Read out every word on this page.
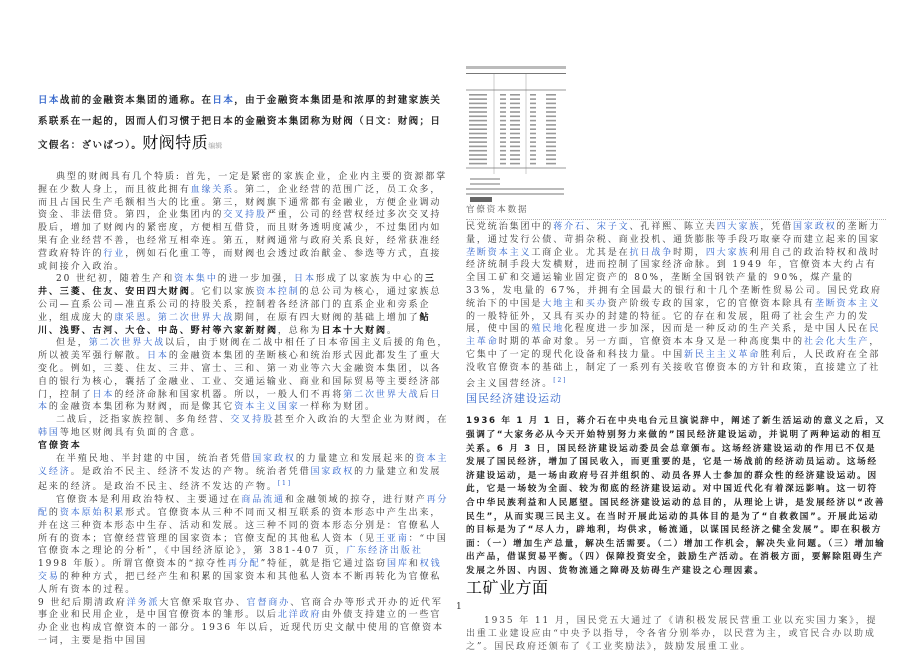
日本战前的金融资本集团的通称。在日本，由于金融资本集团是和浓厚的封建家族关系联系在一起的，因而人们习惯于把日本的金融资本集团称为财阀（日文：财阀；日文假名：ざいばつ）。财阀特质编辑

典型的财阀具有几个特质: 首先，一定是紧密的家族企业，企业内主要的资源都掌握在少数人身上，而且彼此拥有血缘关系。第二，企业经营的范围广泛，员工众多，而且占国民生产毛额相当大的比重。第三，财阀旗下通常都有金融业，方便企业调动资金、非法借贷。第四，企业集团内的交叉持股严重，公司的经营权经过多次交叉持股后，增加了财阀内的紧密度，方便相互借贷，而且财务透明度减少，不过集团内如果有企业经营不善，也经常互相牵连。第五，财阀通常与政府关系良好，经常获准经营政府特许的行业，例如石化重工等，而财阀也会透过政治献金、参选等方式，直接或间接介入政治。

20 世纪初，随着生产和资本集中的进一步加强，日本形成了以家族为中心的三井、三菱、住友、安田四大财阀。它们以家族资本控制的总公司为核心，通过家族总公司—直系公司—准直系公司的持股关系，控制着各经济部门的直系企业和旁系企业，组成庞大的康采恩。第二次世界大战期间，在原有四大财阀的基础上增加了鲇川、浅野、古河、大仓、中岛、野村等六家新财阀，总称为日本十大财阀。

但是，第二次世界大战以后，由于财阀在二战中相任了日本帝国主义后援的角色，所以被美军强行解散。日本的金融资本集团的垄断核心和统治形式因此都发生了重大变化。例如，三菱、住友、三井、富士、三和、第一劝业等六大金融资本集团，以各自的银行为核心，囊括了金融业、工业、交通运输业、商业和国际贸易等主要经济部门，控制了日本的经济命脉和国家机器。所以，一般人们不再将第二次世界大战后日本的金融资本集团称为财阀，而是像其它资本主义国家一样称为财团。

二战后，泛指家族控制、多角经营、交叉持股甚至介入政治的大型企业为财阀，在韩国等地区财阀具有负面的含意。

官僚资本

在半殖民地、半封建的中国，统治者凭借国家政权的力量建立和发展起来的资本主义经济。是政治不民主、经济不发达的产物。统治者凭借国家政权的力量建立和发展起来的经济。是政治不民主、经济不发达的产物。[1]

官僚资本是利用政治特权、主要通过在商品流通和金融领域的掠夺，进行财产再分配的资本原始积累形式。官僚资本从三种不同而又相互联系的资本形态中产生出来，并在这三种资本形态中生存、活动和发展。这三种不同的资本形态分别是：官僚私人所有的资本；官僚经营管理的国家资本；官僚支配的其他私人资本（见王亚南：“中国官僚资本之理论的分析”，《中国经济原论》，第 381-407 页，广东经济出版社 1998 年版）。所谓官僚资本的“掠夺性再分配”特征，就是指它通过盗窃国库和权钱交易的种种方式，把已经产生和积累的国家资本和其他私人资本不断再转化为官僚私人所有资本的过程。

9 世纪后期清政府洋务派大官僚采取官办、官督商办、官商合办等形式开办的近代军事企业和民用企业，是中国官僚资本的雏形。以后北洋政府由外债支持建立的一些官办企业也构成官僚资本的一部分。1936 年以后，近现代历史文献中使用的官僚资本一词，主要是指中国国

官僚资本数据

民党统治集团中的蒋介石、宋子文、孔祥熙、陈立夫四大家族，凭借国家政权的垄断力量，通过发行公债、苛捐杂税、商业投机、通货膨胀等手段巧取豪夺而建立起来的国家垄断资本主义工商企业。尤其是在抗日战争时期，四大家族利用自己的政治特权和战时经济统制手段大发横财，进而控制了国家经济命脉。到 1949 年，官僚资本大约占有全国工矿和交通运输业固定资产的 80%，垄断全国钢铁产量的 90%，煤产量的 33%，发电量的 67%，并拥有全国最大的银行和十几个垄断性贸易公司。国民党政府统治下的中国是大地主和买办资产阶级专政的国家，它的官僚资本除具有垄断资本主义的一般特征外，又具有买办的封建的特征。它的存在和发展，阻碍了社会生产力的发展，使中国的殖民地化程度进一步加深，因而是一种反动的生产关系，是中国人民在民主革命时期的革命对象。另一方面，官僚资本本身又是一种高度集中的社会化大生产，它集中了一定的现代化设备和科技力量。中国新民主主义革命胜利后，人民政府在全部没收官僚资本的基础上，制定了一系列有关接收官僚资本的方针和政策，直接建立了社会主义国营经济。[2]

国民经济建设运动

1936 年 1 月 1 日，蒋介石在中央电台元旦演说辞中，阐述了新生活运动的意义之后，又强调了“大家务必从今天开始特别努力来做的”国民经济建设运动，并说明了两种运动的相互关系。6 月 3 日，国民经济建设运动委员会总章颁布。这场经济建设运动的作用已不仅是发展了国民经济，增加了国民收入，而更重要的是，它是一场战前的经济动员运动。这场经济建设运动，是一场由政府号召并组织的、动员各界人士参加的群众性的经济建设运动。因此，它是一场较为全面、较为彻底的经济建设运动。对中国近代化有着深远影响。这一切符合中华民族利益和人民愿望。国民经济建设运动的总目的，从理论上讲，是发展经济以“改善民生”，从而实现三民主义。在当时开展此运动的具体目的是为了“自救救国”。开展此运动的目标是为了“尽人力，辟地利，均供求，畅流通，以谋国民经济之健全发展”。即在积极方面：（一）增加生产总量，解决生活需要。（二）增加工作机会，解决失业问题。（三）增加输出产品，借谋贸易平衡。（四）保障投资安全，鼓励生产活动。在消极方面，要解除阻碍生产发展之外因、内因、货物流通之障碍及妨碍生产建设之心理因素。

工矿业方面

1935 年 11 月，国民党五大通过了《请积极发展民营重工业以充实国力案》，提出重工业建设应由“中央予以指导，令各省分别举办，以民营为主，或官民合办以助成之”。国民政府还颁布了《工业奖励法》，鼓励发展重工业。

1
